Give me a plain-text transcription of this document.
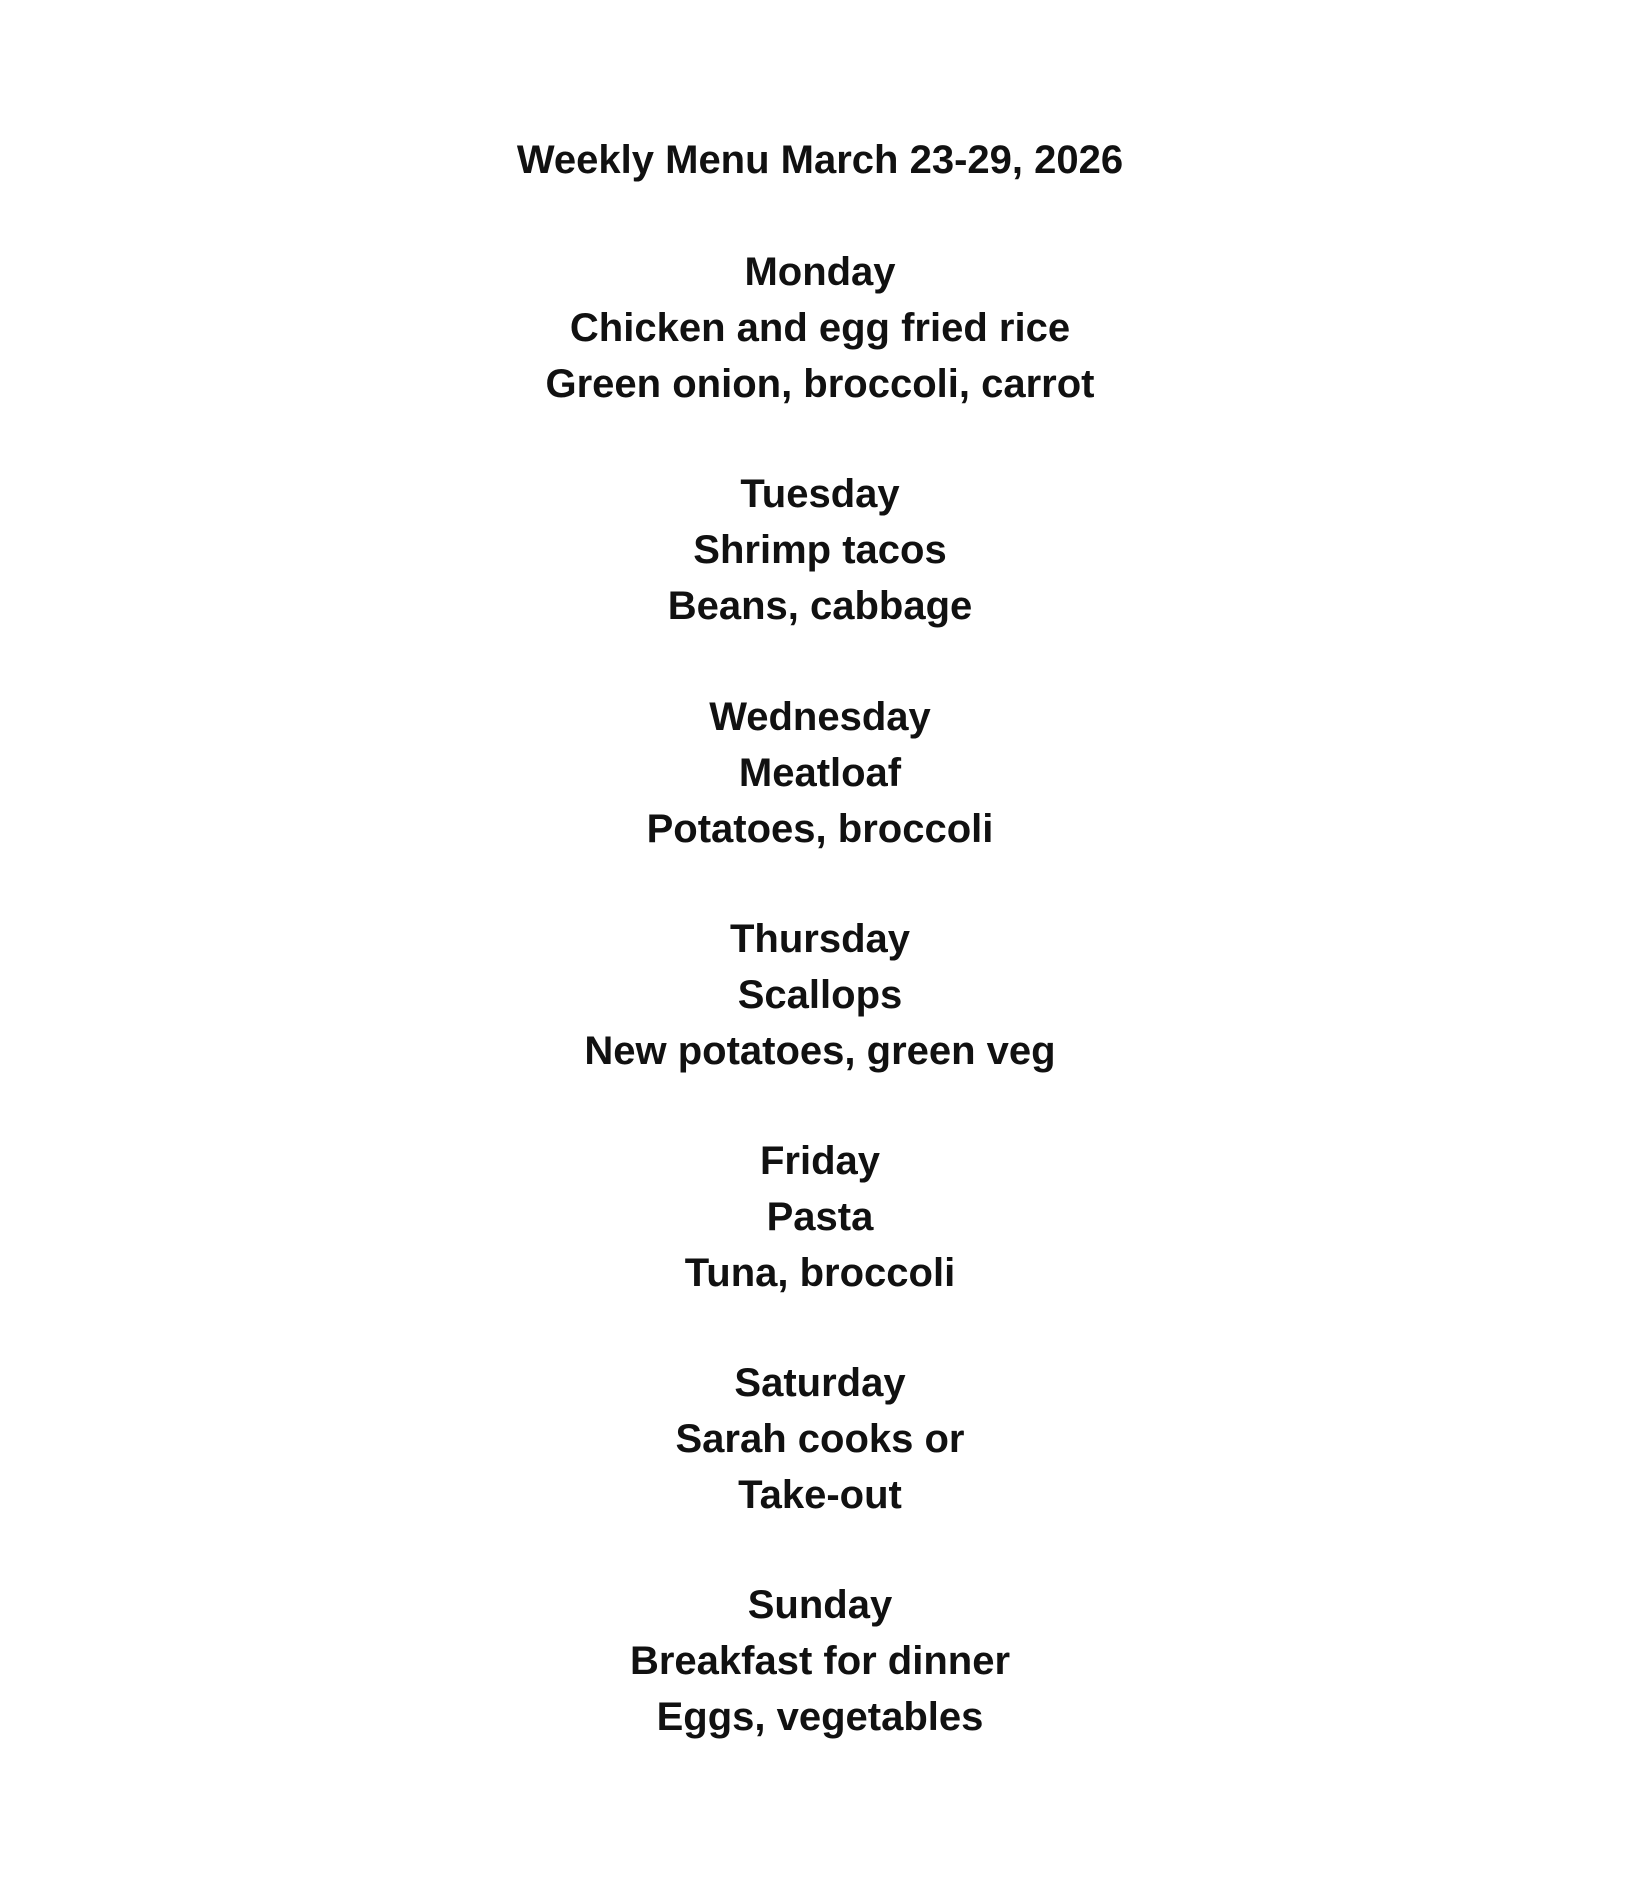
Weekly Menu March 23-29, 2026
Monday
Chicken and egg fried rice
Green onion, broccoli, carrot
Tuesday
Shrimp tacos
Beans, cabbage
Wednesday
Meatloaf
Potatoes, broccoli
Thursday
Scallops
New potatoes, green veg
Friday
Pasta
Tuna, broccoli
Saturday
Sarah cooks or
Take-out
Sunday
Breakfast for dinner
Eggs, vegetables
